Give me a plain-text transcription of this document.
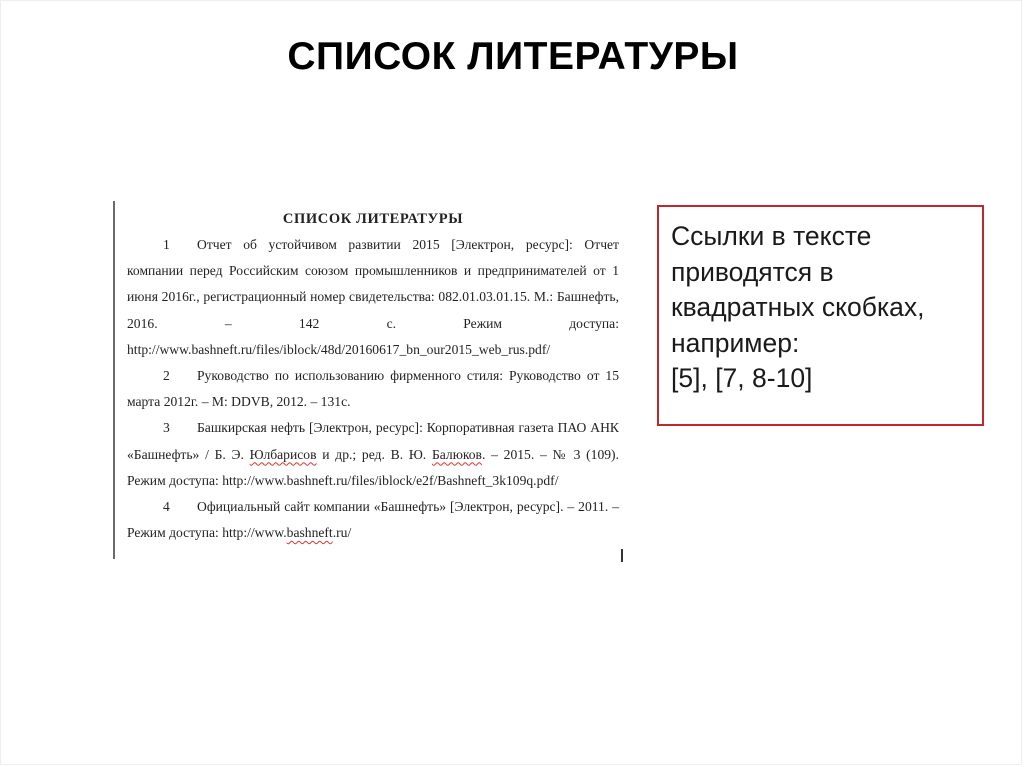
СПИСОК ЛИТЕРАТУРЫ
СПИСОК ЛИТЕРАТУРЫ
1 Отчет об устойчивом развитии 2015 [Электрон, ресурс]: Отчет компании перед Российским союзом промышленников и предпринимателей от 1 июня 2016г., регистрационный номер свидетельства: 082.01.03.01.15. М.: Башнефть, 2016. – 142 с. Режим доступа: http://www.bashneft.ru/files/iblock/48d/20160617_bn_our2015_web_rus.pdf/
2 Руководство по использованию фирменного стиля: Руководство от 15 марта 2012г. – М: DDVB, 2012. – 131с.
3 Башкирская нефть [Электрон, ресурс]: Корпоративная газета ПАО АНК «Башнефть» / Б. Э. Юлбарисов и др.; ред. В. Ю. Балюков. – 2015. – № 3 (109). Режим доступа: http://www.bashneft.ru/files/iblock/e2f/Bashneft_3k109q.pdf/
4 Официальный сайт компании «Башнефть» [Электрон, ресурс]. – 2011. – Режим доступа: http://www.bashneft.ru/

Ссылки в тексте

приводятся в

квадратных скобках,

например:

[5], [7, 8-10]
